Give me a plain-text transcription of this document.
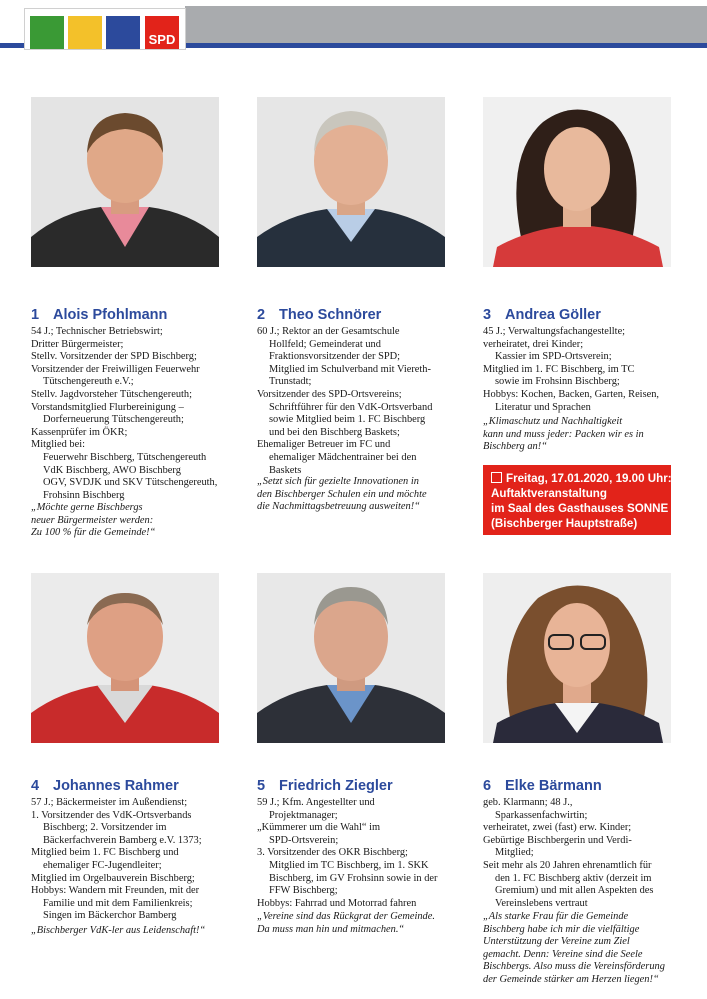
SPD
1 Alois Pfohlmann
54 J.; Technischer Betriebswirt;
Dritter Bürgermeister;
Stellv. Vorsitzender der SPD Bischberg;
Vorsitzender der Freiwilligen Feuerwehr
Tütschengereuth e.V.;
Stellv. Jagdvorsteher Tütschengereuth;
Vorstandsmitglied Flurbereinigung –
Dorferneuerung Tütschengereuth;
Kassenprüfer im ÖKR;
Mitglied bei:
Feuerwehr Bischberg, Tütschengereuth
VdK Bischberg, AWO Bischberg
OGV, SVDJK und SKV Tütschengereuth,
Frohsinn Bischberg
„Möchte gerne Bischbergs
neuer Bürgermeister werden:
Zu 100 % für die Gemeinde!“
2 Theo Schnörer
60 J.; Rektor an der Gesamtschule
Hollfeld; Gemeinderat und
Fraktionsvorsitzender der SPD;
Mitglied im Schulverband mit Viereth-
Trunstadt;
Vorsitzender des SPD-Ortsvereins;
Schriftführer für den VdK-Ortsverband
sowie Mitglied beim 1. FC Bischberg
und bei den Bischberg Baskets;
Ehemaliger Betreuer im FC und
ehemaliger Mädchentrainer bei den
Baskets
„Setzt sich für gezielte Innovationen in
den Bischberger Schulen ein und möchte
die Nachmittagsbetreuung ausweiten!“
3 Andrea Göller
45 J.; Verwaltungsfachangestellte;
verheiratet, drei Kinder;
Kassier im SPD-Ortsverein;
Mitglied im 1. FC Bischberg, im TC
sowie im Frohsinn Bischberg;
Hobbys: Kochen, Backen, Garten, Reisen,
Literatur und Sprachen
„Klimaschutz und Nachhaltigkeit
kann und muss jeder: Packen wir es in
Bischberg an!“
Freitag, 17.01.2020, 19.00 Uhr:
Auftaktveranstaltung
im Saal des Gasthauses SONNE
(Bischberger Hauptstraße)
4 Johannes Rahmer
57 J.; Bäckermeister im Außendienst;
1. Vorsitzender des VdK-Ortsverbands
Bischberg; 2. Vorsitzender im
Bäckerfachverein Bamberg e.V. 1373;
Mitglied beim 1. FC Bischberg und
ehemaliger FC-Jugendleiter;
Mitglied im Orgelbauverein Bischberg;
Hobbys: Wandern mit Freunden, mit der
Familie und mit dem Familienkreis;
Singen im Bäckerchor Bamberg
„Bischberger VdK-ler aus Leidenschaft!“
5 Friedrich Ziegler
59 J.; Kfm. Angestellter und
Projektmanager;
„Kümmerer um die Wahl“ im
SPD-Ortsverein;
3. Vorsitzender des OKR Bischberg;
Mitglied im TC Bischberg, im 1. SKK
Bischberg, im GV Frohsinn sowie in der
FFW Bischberg;
Hobbys: Fahrrad und Motorrad fahren
„Vereine sind das Rückgrat der Gemeinde.
Da muss man hin und mitmachen.“
6 Elke Bärmann
geb. Klarmann; 48 J.,
Sparkassenfachwirtin;
verheiratet, zwei (fast) erw. Kinder;
Gebürtige Bischbergerin und Verdi-
Mitglied;
Seit mehr als 20 Jahren ehrenamtlich für
den 1. FC Bischberg aktiv (derzeit im
Gremium) und mit allen Aspekten des
Vereinslebens vertraut
„Als starke Frau für die Gemeinde
Bischberg habe ich mir die vielfältige
Unterstützung der Vereine zum Ziel
gemacht. Denn: Vereine sind die Seele
Bischbergs. Also muss die Vereinsförderung
der Gemeinde stärker am Herzen liegen!“
